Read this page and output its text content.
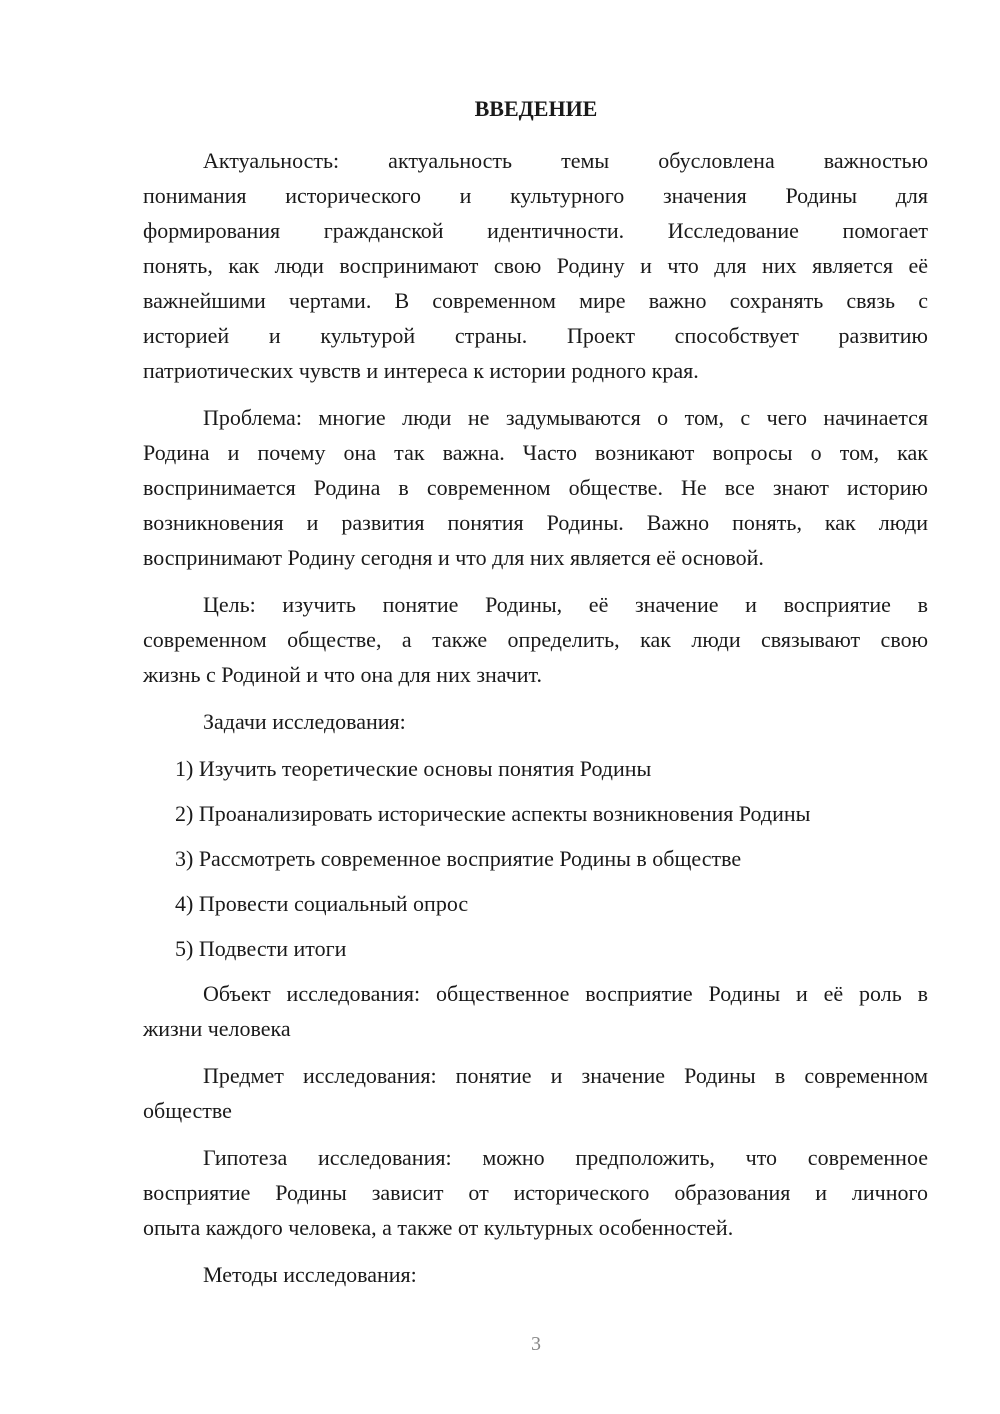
ВВЕДЕНИЕ
Актуальность: актуальность темы обусловлена важностью
понимания исторического и культурного значения Родины для
формирования гражданской идентичности. Исследование помогает
понять, как люди воспринимают свою Родину и что для них является её
важнейшими чертами. В современном мире важно сохранять связь с
историей и культурой страны. Проект способствует развитию
патриотических чувств и интереса к истории родного края.
Проблема: многие люди не задумываются о том, с чего начинается
Родина и почему она так важна. Часто возникают вопросы о том, как
воспринимается Родина в современном обществе. Не все знают историю
возникновения и развития понятия Родины. Важно понять, как люди
воспринимают Родину сегодня и что для них является её основой.
Цель: изучить понятие Родины, её значение и восприятие в
современном обществе, а также определить, как люди связывают свою
жизнь с Родиной и что она для них значит.
Задачи исследования:
1) Изучить теоретические основы понятия Родины
2) Проанализировать исторические аспекты возникновения Родины
3) Рассмотреть современное восприятие Родины в обществе
4) Провести социальный опрос
5) Подвести итоги
Объект исследования: общественное восприятие Родины и её роль в
жизни человека
Предмет исследования: понятие и значение Родины в современном
обществе
Гипотеза исследования: можно предположить, что современное
восприятие Родины зависит от исторического образования и личного
опыта каждого человека, а также от культурных особенностей.
Методы исследования:
3
